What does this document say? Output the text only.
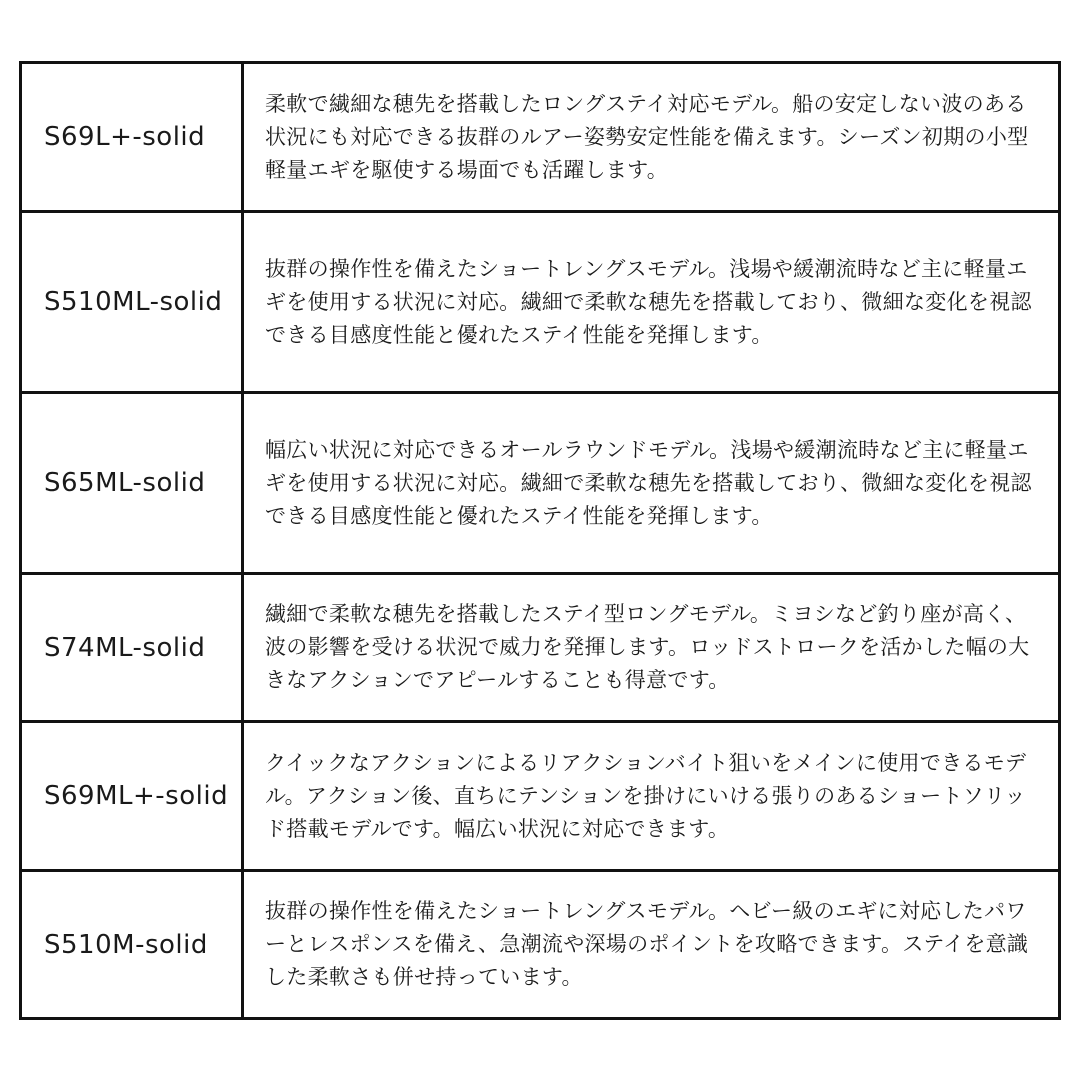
S69L+-solid	柔軟で繊細な穂先を搭載したロングステイ対応モデル。船の安定しない波のある状況にも対応できる抜群のルアー姿勢安定性能を備えます。シーズン初期の小型軽量エギを駆使する場面でも活躍します。
S510ML-solid	抜群の操作性を備えたショートレングスモデル。浅場や緩潮流時など主に軽量エギを使用する状況に対応。繊細で柔軟な穂先を搭載しており、微細な変化を視認できる目感度性能と優れたステイ性能を発揮します。
S65ML-solid	幅広い状況に対応できるオールラウンドモデル。浅場や緩潮流時など主に軽量エギを使用する状況に対応。繊細で柔軟な穂先を搭載しており、微細な変化を視認できる目感度性能と優れたステイ性能を発揮します。
S74ML-solid	繊細で柔軟な穂先を搭載したステイ型ロングモデル。ミヨシなど釣り座が高く、波の影響を受ける状況で威力を発揮します。ロッドストロークを活かした幅の大きなアクションでアピールすることも得意です。
S69ML+-solid	クイックなアクションによるリアクションバイト狙いをメインに使用できるモデル。アクション後、直ちにテンションを掛けにいける張りのあるショートソリッド搭載モデルです。幅広い状況に対応できます。
S510M-solid	抜群の操作性を備えたショートレングスモデル。ヘビー級のエギに対応したパワーとレスポンスを備え、急潮流や深場のポイントを攻略できます。ステイを意識した柔軟さも併せ持っています。
